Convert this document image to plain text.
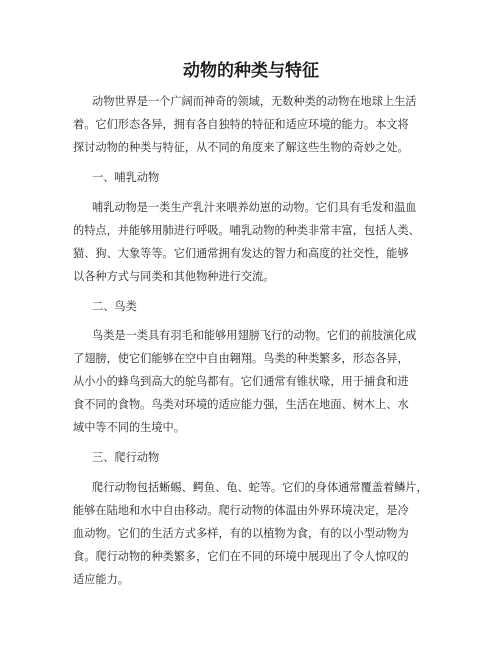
动物的种类与特征
动物世界是一个广阔而神奇的领域，无数种类的动物在地球上生活
着。它们形态各异，拥有各自独特的特征和适应环境的能力。本文将
探讨动物的种类与特征，从不同的角度来了解这些生物的奇妙之处。
一、哺乳动物
哺乳动物是一类生产乳汁来喂养幼崽的动物。它们具有毛发和温血
的特点，并能够用肺进行呼吸。哺乳动物的种类非常丰富，包括人类、
猫、狗、大象等等。它们通常拥有发达的智力和高度的社交性，能够
以各种方式与同类和其他物种进行交流。
二、鸟类
鸟类是一类具有羽毛和能够用翅膀飞行的动物。它们的前肢演化成
了翅膀，使它们能够在空中自由翱翔。鸟类的种类繁多，形态各异，
从小小的蜂鸟到高大的鸵鸟都有。它们通常有锥状喙，用于捕食和进
食不同的食物。鸟类对环境的适应能力强，生活在地面、树木上、水
域中等不同的生境中。
三、爬行动物
爬行动物包括蜥蜴、鳄鱼、龟、蛇等。它们的身体通常覆盖着鳞片，
能够在陆地和水中自由移动。爬行动物的体温由外界环境决定，是冷
血动物。它们的生活方式多样，有的以植物为食，有的以小型动物为
食。爬行动物的种类繁多，它们在不同的环境中展现出了令人惊叹的
适应能力。
